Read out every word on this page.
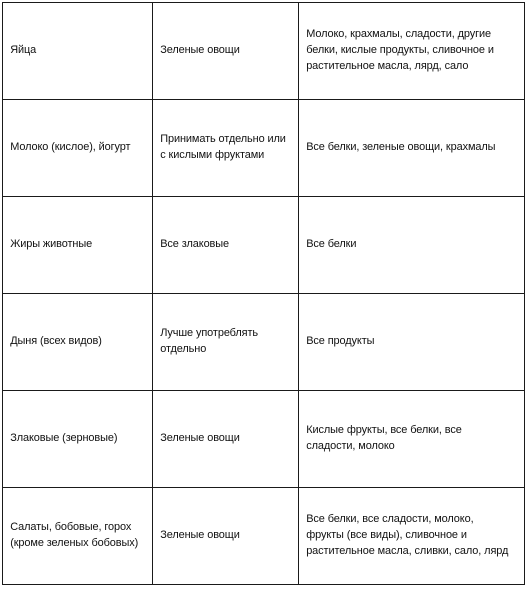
Яйца	Зеленые овощи	Молоко, крахмалы, сладости, другие белки, кислые продукты, сливочное и растительное масла, лярд, сало

Молоко (кислое), йогурт	Принимать отдельно или с кислыми фруктами	Все белки, зеленые овощи, крахмалы

Жиры животные	Все злаковые	Все белки

Дыня (всех видов)	Лучше употреблять отдельно	Все продукты

Злаковые (зерновые)	Зеленые овощи	Кислые фрукты, все белки, все сладости, молоко

Салаты, бобовые, горох (кроме зеленых бобовых)	Зеленые овощи	Все белки, все сладости, молоко, фрукты (все виды), сливочное и растительное масла, сливки, сало, лярд
